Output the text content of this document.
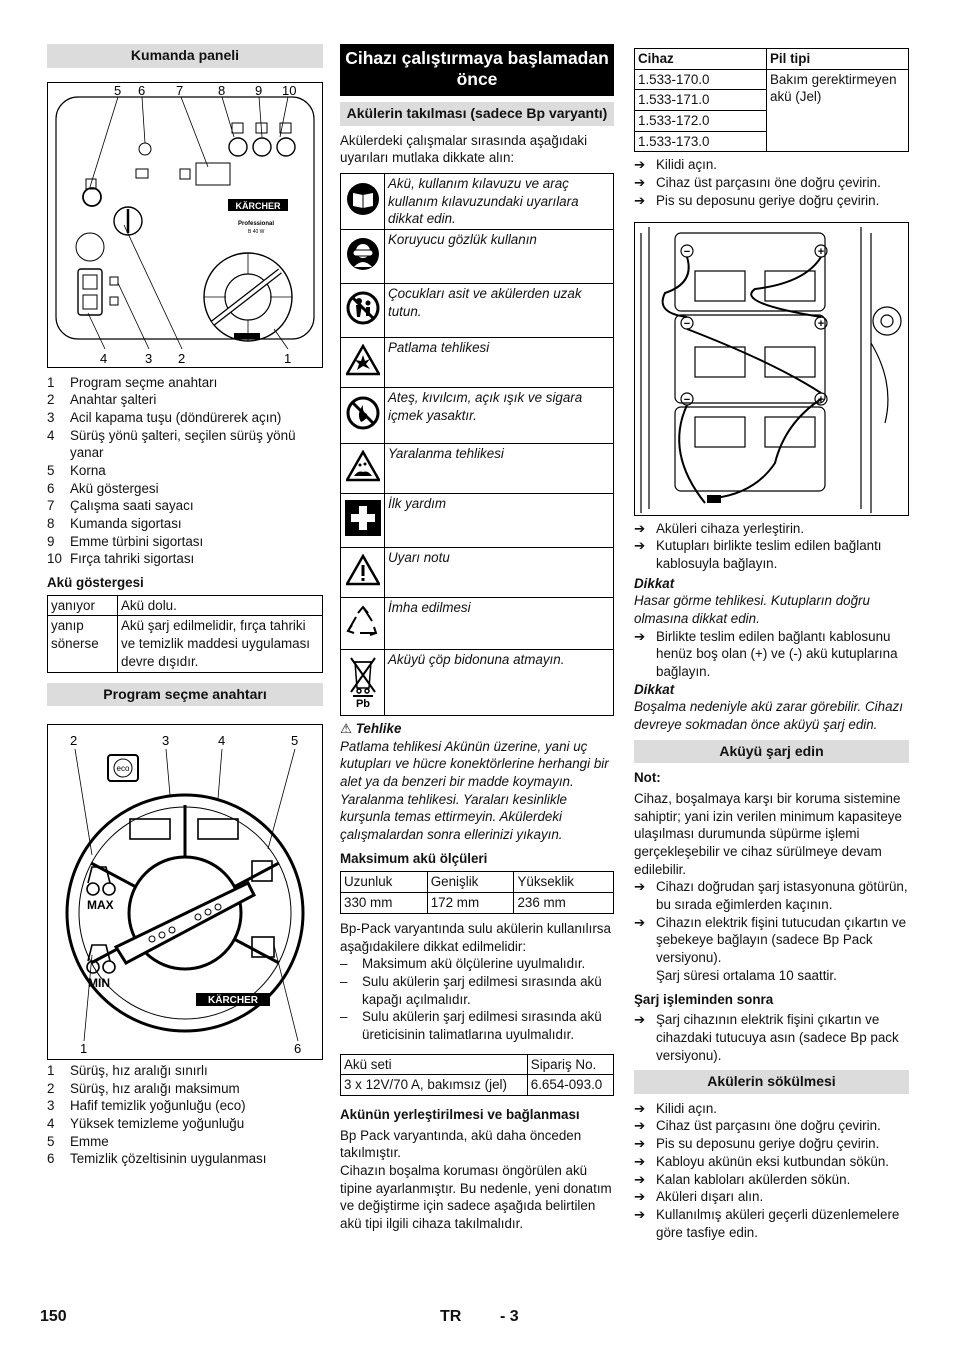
Kumanda paneli
5 6 7	8 9 10
4	3 2	1
KÄRCHER
Professional
B 40 W
1	Program seçme anahtarı
2	Anahtar şalteri
3	Acil kapama tuşu (döndürerek açın)
4	Sürüş yönü şalteri, seçilen sürüş yönü yanar
5	Korna
6	Akü göstergesi
7	Çalışma saati sayacı
8	Kumanda sigortası
9	Emme türbini sigortası
10 Fırça tahriki sigortası
Akü göstergesi
yanıyor	Akü dolu.
yanıp sönerse	Akü şarj edilmelidir, fırça tahriki ve temizlik maddesi uygulaması devre dışıdır.
Program seçme anahtarı
2	3	4	5
1	6
eco
MAX
MIN
KÄRCHER
1	Sürüş, hız aralığı sınırlı
2	Sürüş, hız aralığı maksimum
3	Hafif temizlik yoğunluğu (eco)
4	Yüksek temizleme yoğunluğu
5	Emme
6	Temizlik çözeltisinin uygulanması
Cihazı çalıştırmaya başlamadan önce
Akülerin takılması (sadece Bp varyantı)

Akülerdeki çalışmalar sırasında aşağıdaki uyarıları mutlaka dikkate alın:

	Akü, kullanım kılavuzu ve araç kullanım kılavuzundaki uyarılara dikkat edin.
	Koruyucu gözlük kullanın
	Çocukları asit ve akülerden uzak tutun.
	Patlama tehlikesi
	Ateş, kıvılcım, açık ışık ve sigara içmek yasaktır.
	Yaralanma tehlikesi
	İlk yardım
	Uyarı notu
	İmha edilmesi

Pb	Aküyü çöp bidonuna atmayın.
⚠ Tehlike

Patlama tehlikesi Akünün üzerine, yani uç kutupları ve hücre konektörlerine herhangi bir alet ya da benzeri bir madde koymayın. Yaralanma tehlikesi. Yaraları kesinlikle kurşunla temas ettirmeyin. Akülerdeki çalışmalardan sonra ellerinizi yıkayın.

Maksimum akü ölçüleri
Uzunluk	Genişlik	Yükseklik
330 mm	172 mm	236 mm

Bp-Pack varyantında sulu akülerin kullanılırsa aşağıdakilere dikkat edilmelidir:

–	Maksimum akü ölçülerine uyulmalıdır.
–	Sulu akülerin şarj edilmesi sırasında akü kapağı açılmalıdır.
–	Sulu akülerin şarj edilmesi sırasında akü üreticisinin talimatlarına uyulmalıdır.
Akü seti	Sipariş No.
3 x 12V/70 A, bakımsız (jel)	6.654-093.0
Akünün yerleştirilmesi ve bağlanması

Bp Pack varyantında, akü daha önceden takılmıştır.

Cihazın boşalma koruması öngörülen akü tipine ayarlanmıştır. Bu nedenle, yeni donatım ve değiştirme için sadece aşağıda belirtilen akü tipi ilgili cihaza takılmalıdır.

Cihaz	Pil tipi
1.533-170.0	Bakım gerektirmeyen akü (Jel)
1.533-171.0	
1.533-172.0	
1.533-173.0	
➔ Kilidi açın.
➔ Cihaz üst parçasını öne doğru çevirin.
➔ Pis su deposunu geriye doğru çevirin.
−	+
−	+
−	+
➔ Aküleri cihaza yerleştirin.
➔ Kutupları birlikte teslim edilen bağlantı kablosuyla bağlayın.
Dikkat

Hasar görme tehlikesi. Kutupların doğru olmasına dikkat edin.

➔ Birlikte teslim edilen bağlantı kablosunu henüz boş olan (+) ve (-) akü kutuplarına bağlayın.
Dikkat

Boşalma nedeniyle akü zarar görebilir. Cihazı devreye sokmadan önce aküyü şarj edin.

Aküyü şarj edin
Not:

Cihaz, boşalmaya karşı bir koruma sistemine sahiptir; yani izin verilen minimum kapasiteye ulaşılması durumunda süpürme işlemi gerçekleşebilir ve cihaz sürülmeye devam edilebilir.

➔ Cihazı doğrudan şarj istasyonuna götürün, bu sırada eğimlerden kaçının.
➔ Cihazın elektrik fişini tutucudan çıkartın ve şebekeye bağlayın (sadece Bp Pack versiyonu).
Şarj süresi ortalama 10 saattir.
Şarj işleminden sonra
➔ Şarj cihazının elektrik fişini çıkartın ve cihazdaki tutucuya asın (sadece Bp pack versiyonu).
Akülerin sökülmesi
➔ Kilidi açın.
➔ Cihaz üst parçasını öne doğru çevirin.
➔ Pis su deposunu geriye doğru çevirin.
➔ Kabloyu akünün eksi kutbundan sökün.
➔ Kalan kabloları akülerden sökün.
➔ Aküleri dışarı alın.
➔ Kullanılmış aküleri geçerli düzenlemelere göre tasfiye edin.
150	TR - 3
